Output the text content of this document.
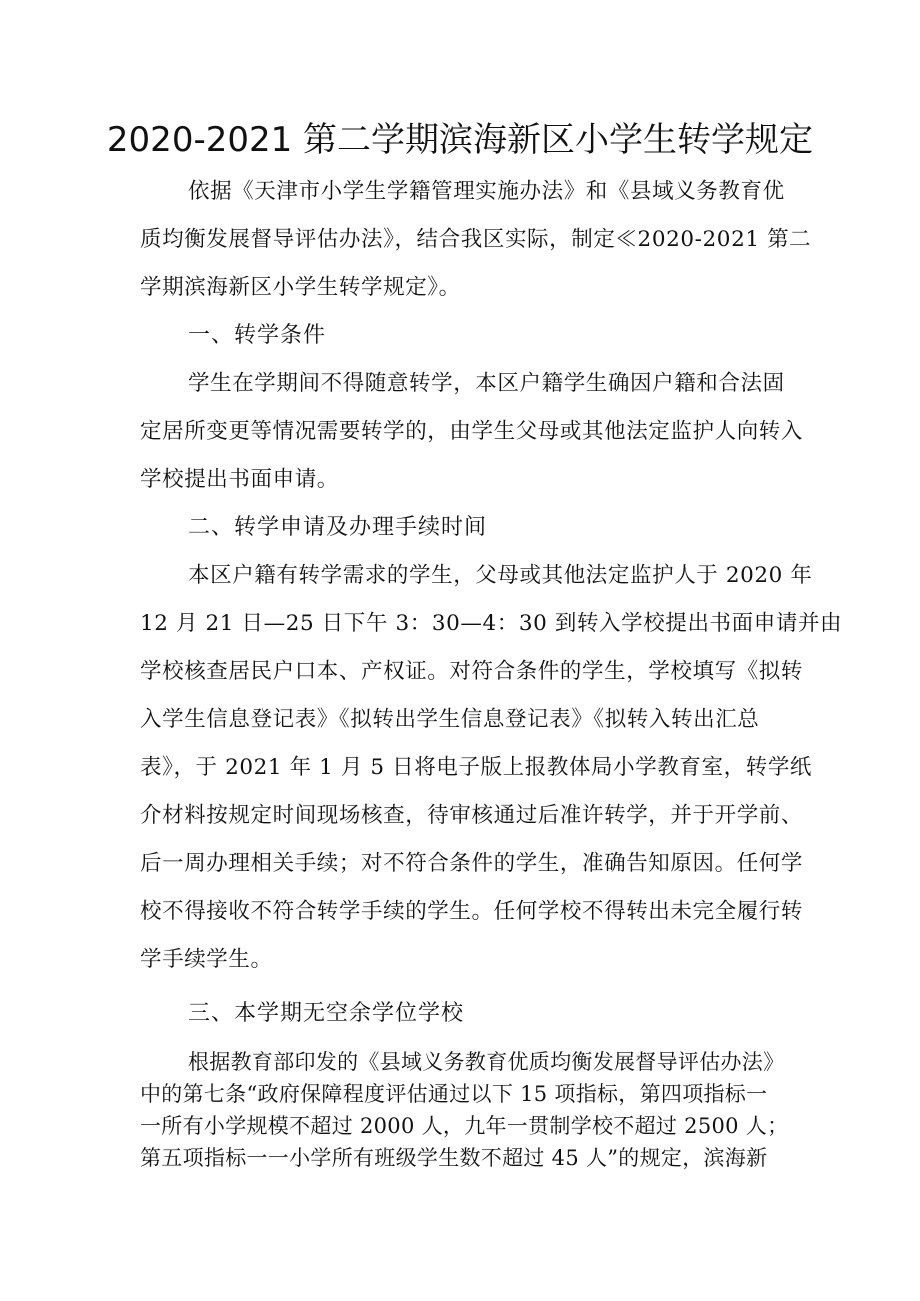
2020-2021 第二学期滨海新区小学生转学规定

依据《天津市小学生学籍管理实施办法》和《县域义务教育优

质均衡发展督导评估办法》，结合我区实际，制定≪2020-2021 第二

学期滨海新区小学生转学规定》。

一、转学条件

学生在学期间不得随意转学，本区户籍学生确因户籍和合法固

定居所变更等情况需要转学的，由学生父母或其他法定监护人向转入

学校提出书面申请。

二、转学申请及办理手续时间

本区户籍有转学需求的学生，父母或其他法定监护人于 2020 年

12 月 21 日—25 日下午 3：30—4：30 到转入学校提出书面申请并由

学校核查居民户口本、产权证。对符合条件的学生，学校填写《拟转

入学生信息登记表》《拟转出学生信息登记表》《拟转入转出汇总

表》，于 2021 年 1 月 5 日将电子版上报教体局小学教育室，转学纸

介材料按规定时间现场核查，待审核通过后准许转学，并于开学前、

后一周办理相关手续；对不符合条件的学生，准确告知原因。任何学

校不得接收不符合转学手续的学生。任何学校不得转出未完全履行转

学手续学生。

三、本学期无空余学位学校

根据教育部印发的《县域义务教育优质均衡发展督导评估办法》

中的第七条“政府保障程度评估通过以下 15 项指标，第四项指标一

一所有小学规模不超过 2000 人，九年一贯制学校不超过 2500 人；

第五项指标一一小学所有班级学生数不超过 45 人”的规定，滨海新
